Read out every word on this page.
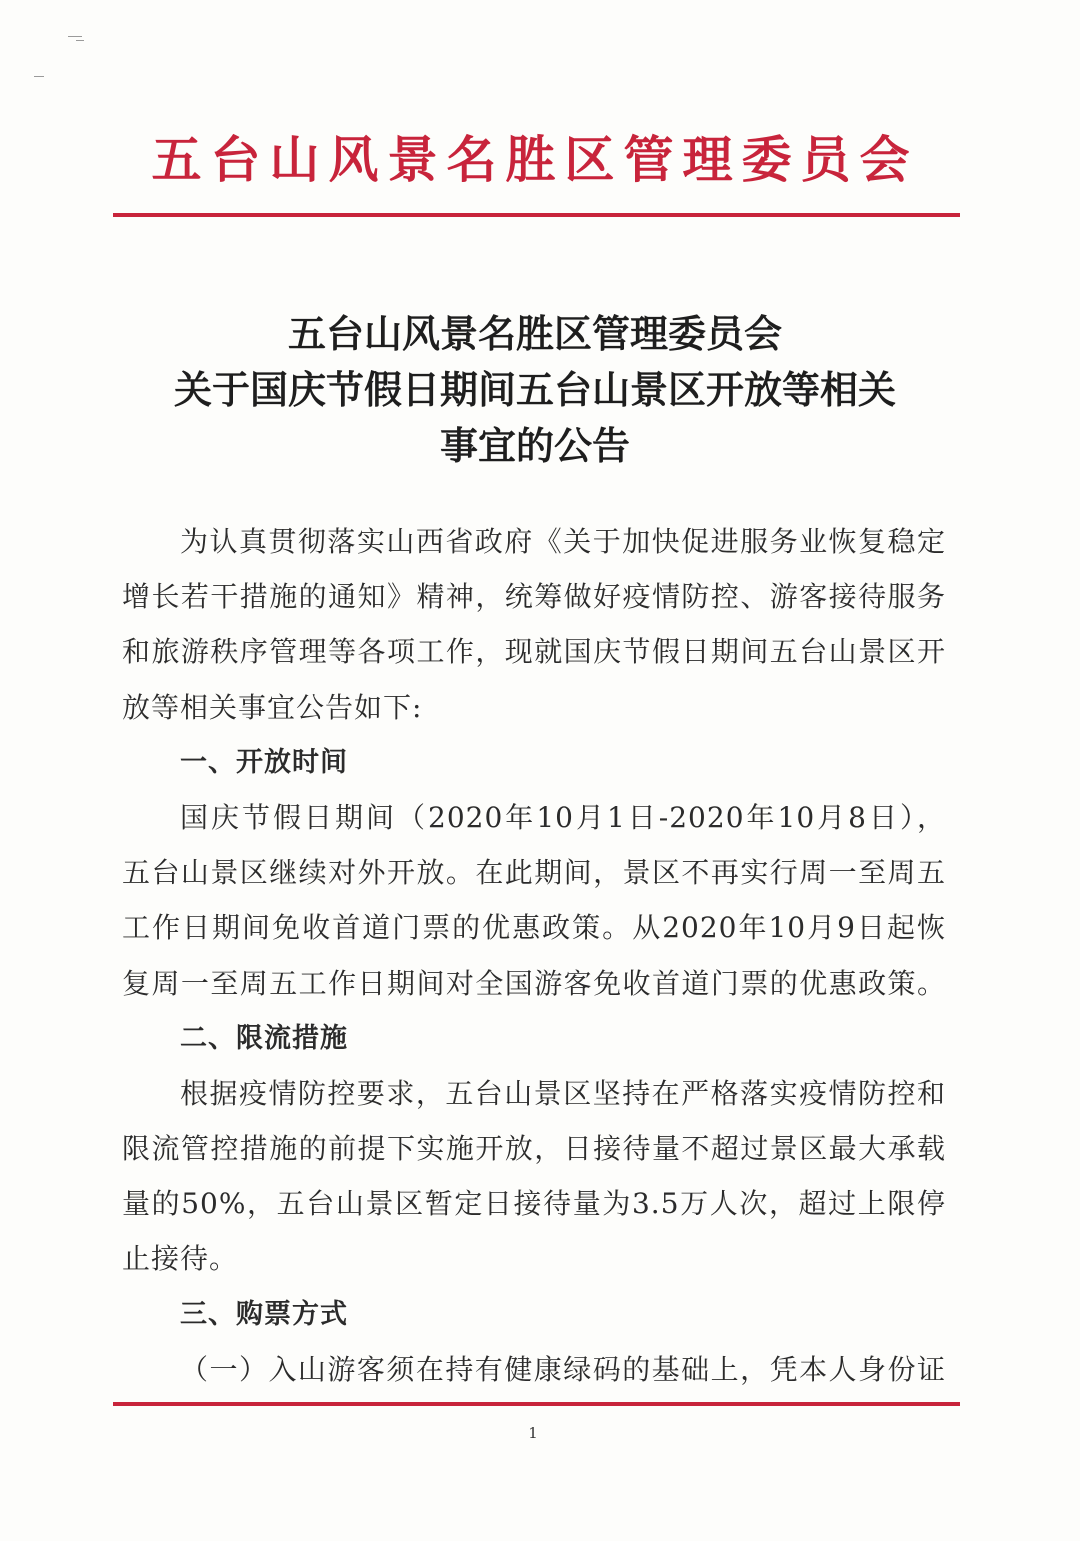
五台山风景名胜区管理委员会
五台山风景名胜区管理委员会
关于国庆节假日期间五台山景区开放等相关
事宜的公告
为认真贯彻落实山西省政府《关于加快促进服务业恢复稳定
增长若干措施的通知》精神，统筹做好疫情防控、游客接待服务
和旅游秩序管理等各项工作，现就国庆节假日期间五台山景区开
放等相关事宜公告如下:
一、开放时间
国庆节假日期间（2020年10月1日-2020年10月8日），
五台山景区继续对外开放。在此期间，景区不再实行周一至周五
工作日期间免收首道门票的优惠政策。从2020年10月9日起恢
复周一至周五工作日期间对全国游客免收首道门票的优惠政策。
二、限流措施
根据疫情防控要求，五台山景区坚持在严格落实疫情防控和
限流管控措施的前提下实施开放，日接待量不超过景区最大承载
量的50%，五台山景区暂定日接待量为3.5万人次，超过上限停
止接待。
三、购票方式
（一）入山游客须在持有健康绿码的基础上，凭本人身份证
1
